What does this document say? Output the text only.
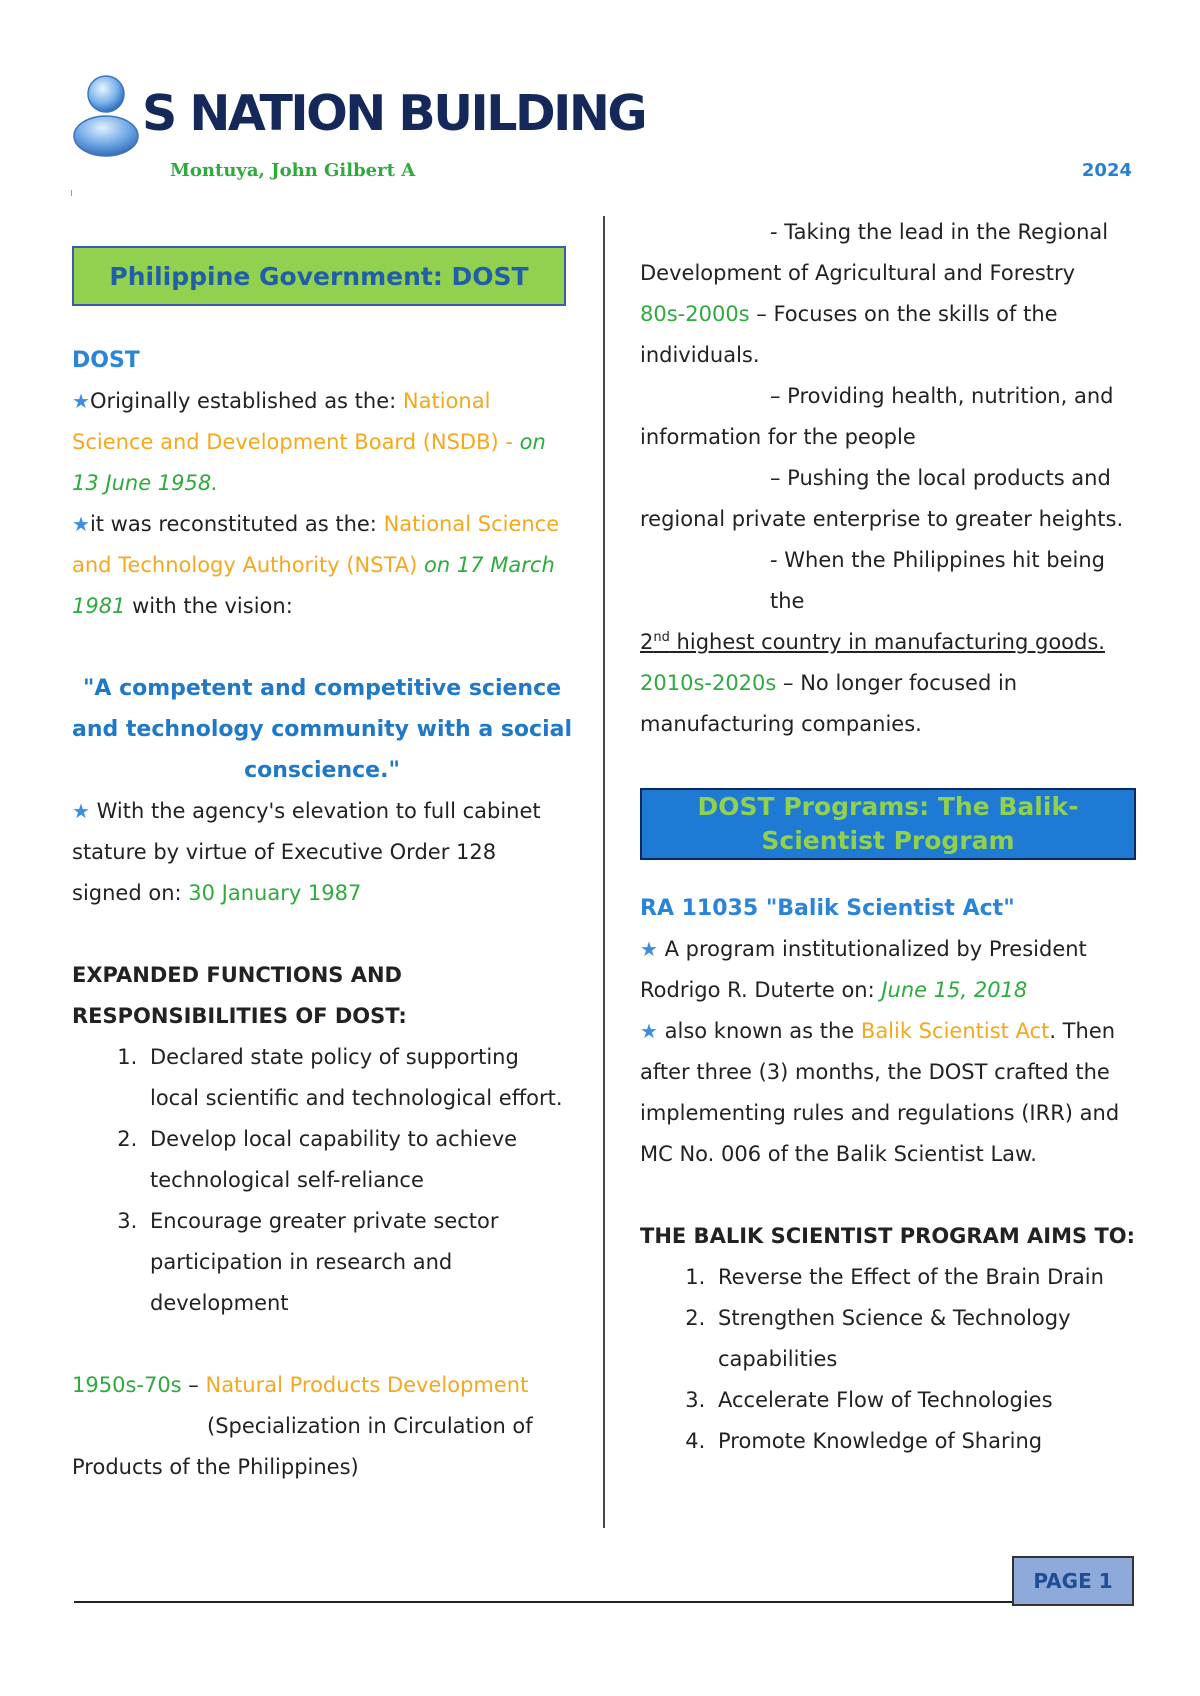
S NATION BUILDING
Montuya, John Gilbert A	2024
Philippine Government: DOST
DOST
★Originally established as the: National Science and Development Board (NSDB) - on 13 June 1958.
★it was reconstituted as the: National Science and Technology Authority (NSTA) on 17 March 1981 with the vision:
"A competent and competitive science and technology community with a social conscience."
★ With the agency's elevation to full cabinet stature by virtue of Executive Order 128 signed on: 30 January 1987
EXPANDED FUNCTIONS AND RESPONSIBILITIES OF DOST:
1. Declared state policy of supporting local scientific and technological effort.
2. Develop local capability to achieve technological self-reliance
3. Encourage greater private sector participation in research and development
1950s-70s – Natural Products Development
(Specialization in Circulation of
Products of the Philippines)
- Taking the lead in the Regional
Development of Agricultural and Forestry
80s-2000s – Focuses on the skills of the individuals.
– Providing health, nutrition, and
information for the people
– Pushing the local products and
regional private enterprise to greater heights.
- When the Philippines hit being the
2nd highest country in manufacturing goods.
2010s-2020s – No longer focused in manufacturing companies.
DOST Programs: The Balik-Scientist Program
RA 11035 "Balik Scientist Act"
★ A program institutionalized by President Rodrigo R. Duterte on: June 15, 2018
★ also known as the Balik Scientist Act. Then after three (3) months, the DOST crafted the implementing rules and regulations (IRR) and MC No. 006 of the Balik Scientist Law.
THE BALIK SCIENTIST PROGRAM AIMS TO:
1. Reverse the Effect of the Brain Drain
2. Strengthen Science & Technology capabilities
3. Accelerate Flow of Technologies
4. Promote Knowledge of Sharing
PAGE 1
